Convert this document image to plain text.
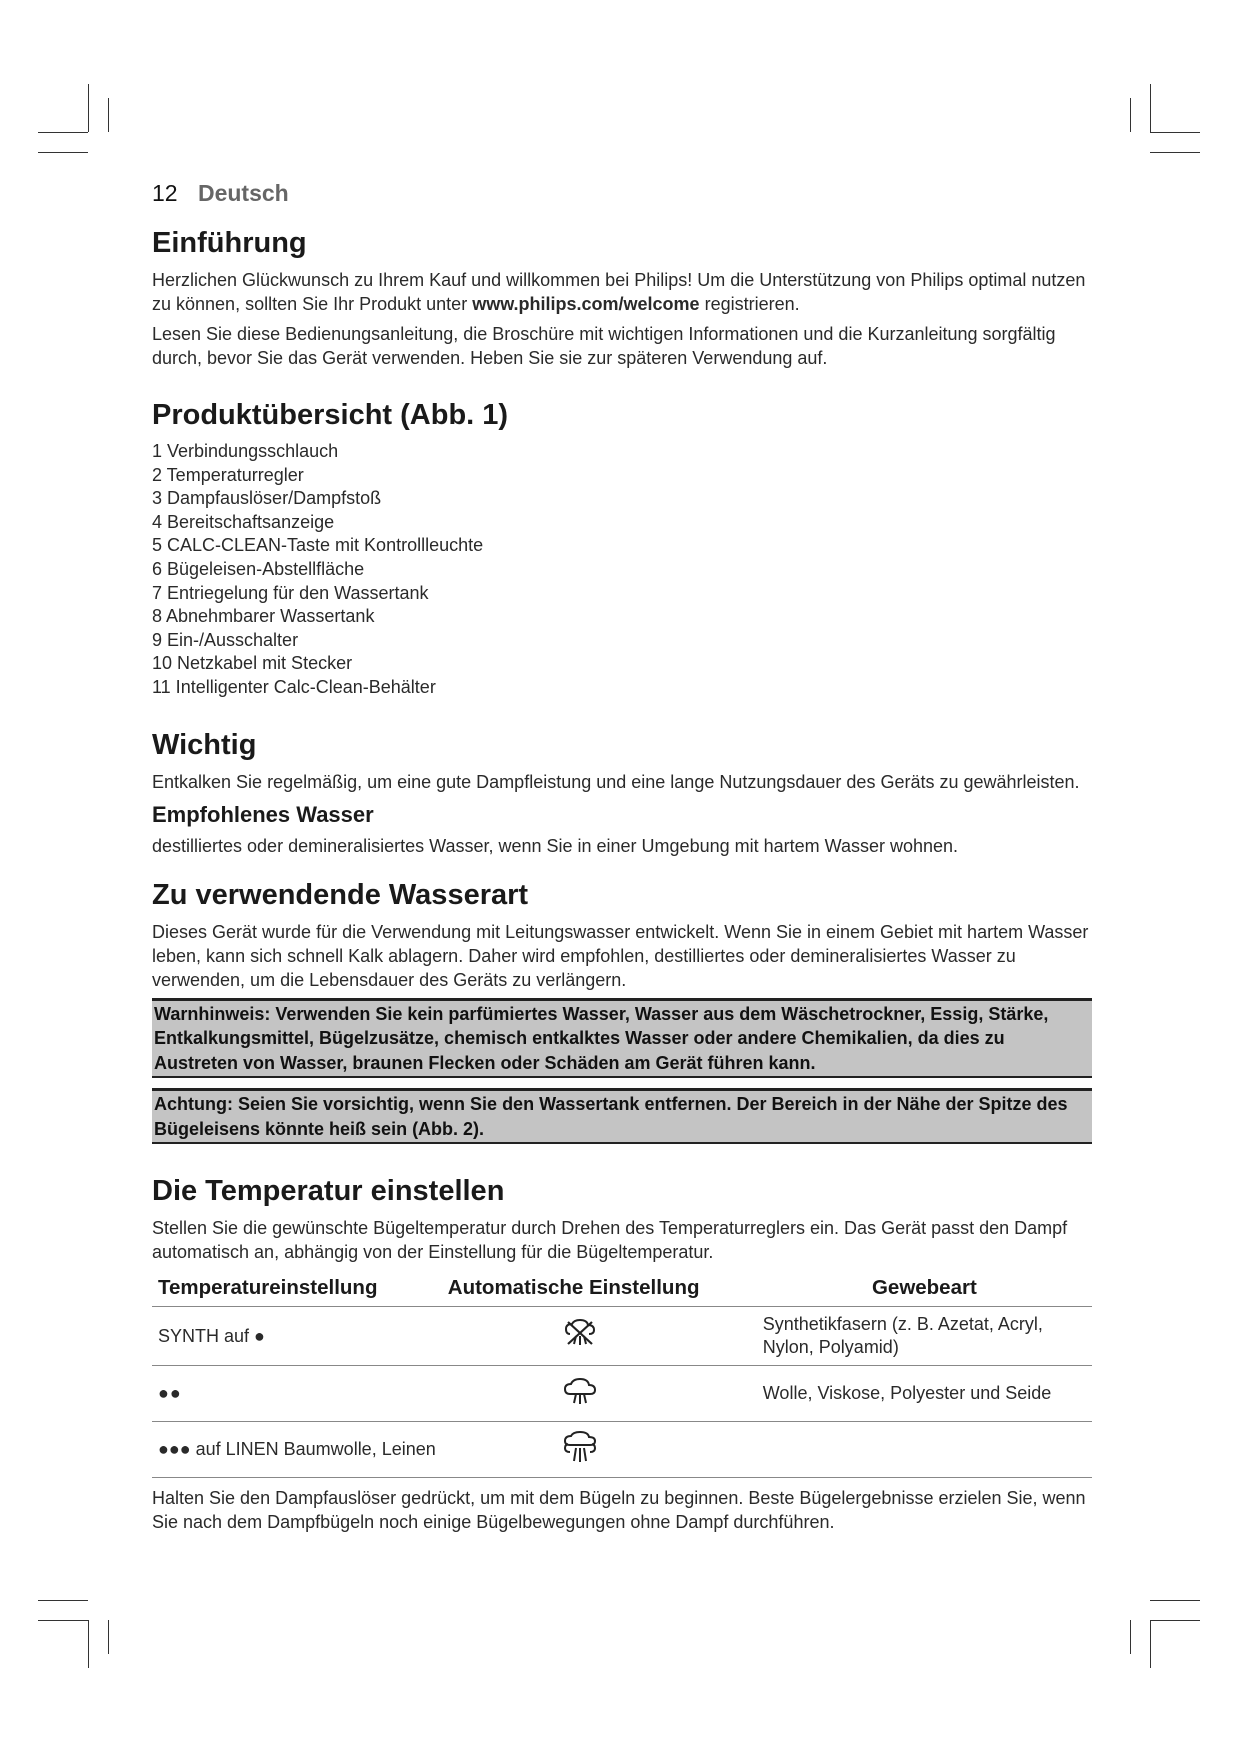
12 Deutsch
Einführung

Herzlichen Glückwunsch zu Ihrem Kauf und willkommen bei Philips! Um die Unterstützung von Philips optimal nutzen zu können, sollten Sie Ihr Produkt unter www.philips.com/welcome registrieren.

Lesen Sie diese Bedienungsanleitung, die Broschüre mit wichtigen Informationen und die Kurzanleitung sorgfältig durch, bevor Sie das Gerät verwenden. Heben Sie sie zur späteren Verwendung auf.

Produktübersicht (Abb. 1)
1 Verbindungsschlauch
2 Temperaturregler
3 Dampfauslöser/Dampfstoß
4 Bereitschaftsanzeige
5 CALC-CLEAN-Taste mit Kontrollleuchte
6 Bügeleisen-Abstellfläche
7 Entriegelung für den Wassertank
8 Abnehmbarer Wassertank
9 Ein-/Ausschalter
10 Netzkabel mit Stecker
11 Intelligenter Calc-Clean-Behälter
Wichtig

Entkalken Sie regelmäßig, um eine gute Dampfleistung und eine lange Nutzungsdauer des Geräts zu gewährleisten.

Empfohlenes Wasser

destilliertes oder demineralisiertes Wasser, wenn Sie in einer Umgebung mit hartem Wasser wohnen.

Zu verwendende Wasserart

Dieses Gerät wurde für die Verwendung mit Leitungswasser entwickelt. Wenn Sie in einem Gebiet mit hartem Wasser leben, kann sich schnell Kalk ablagern. Daher wird empfohlen, destilliertes oder demineralisiertes Wasser zu verwenden, um die Lebensdauer des Geräts zu verlängern.

Warnhinweis: Verwenden Sie kein parfümiertes Wasser, Wasser aus dem Wäschetrockner, Essig, Stärke, Entkalkungsmittel, Bügelzusätze, chemisch entkalktes Wasser oder andere Chemikalien, da dies zu Austreten von Wasser, braunen Flecken oder Schäden am Gerät führen kann.
Achtung: Seien Sie vorsichtig, wenn Sie den Wassertank entfernen. Der Bereich in der Nähe der Spitze des Bügeleisens könnte heiß sein (Abb. 2).
Die Temperatur einstellen

Stellen Sie die gewünschte Bügeltemperatur durch Drehen des Temperaturreglers ein. Das Gerät passt den Dampf automatisch an, abhängig von der Einstellung für die Bügeltemperatur.

Temperatureinstellung	Automatische Einstellung	Gewebeart
SYNTH auf ●		Synthetikfasern (z. B. Azetat, Acryl, Nylon, Polyamid)
●●		Wolle, Viskose, Polyester und Seide
●●● auf LINEN Baumwolle, Leinen		

Halten Sie den Dampfauslöser gedrückt, um mit dem Bügeln zu beginnen. Beste Bügelergebnisse erzielen Sie, wenn Sie nach dem Dampfbügeln noch einige Bügelbewegungen ohne Dampf durchführen.
